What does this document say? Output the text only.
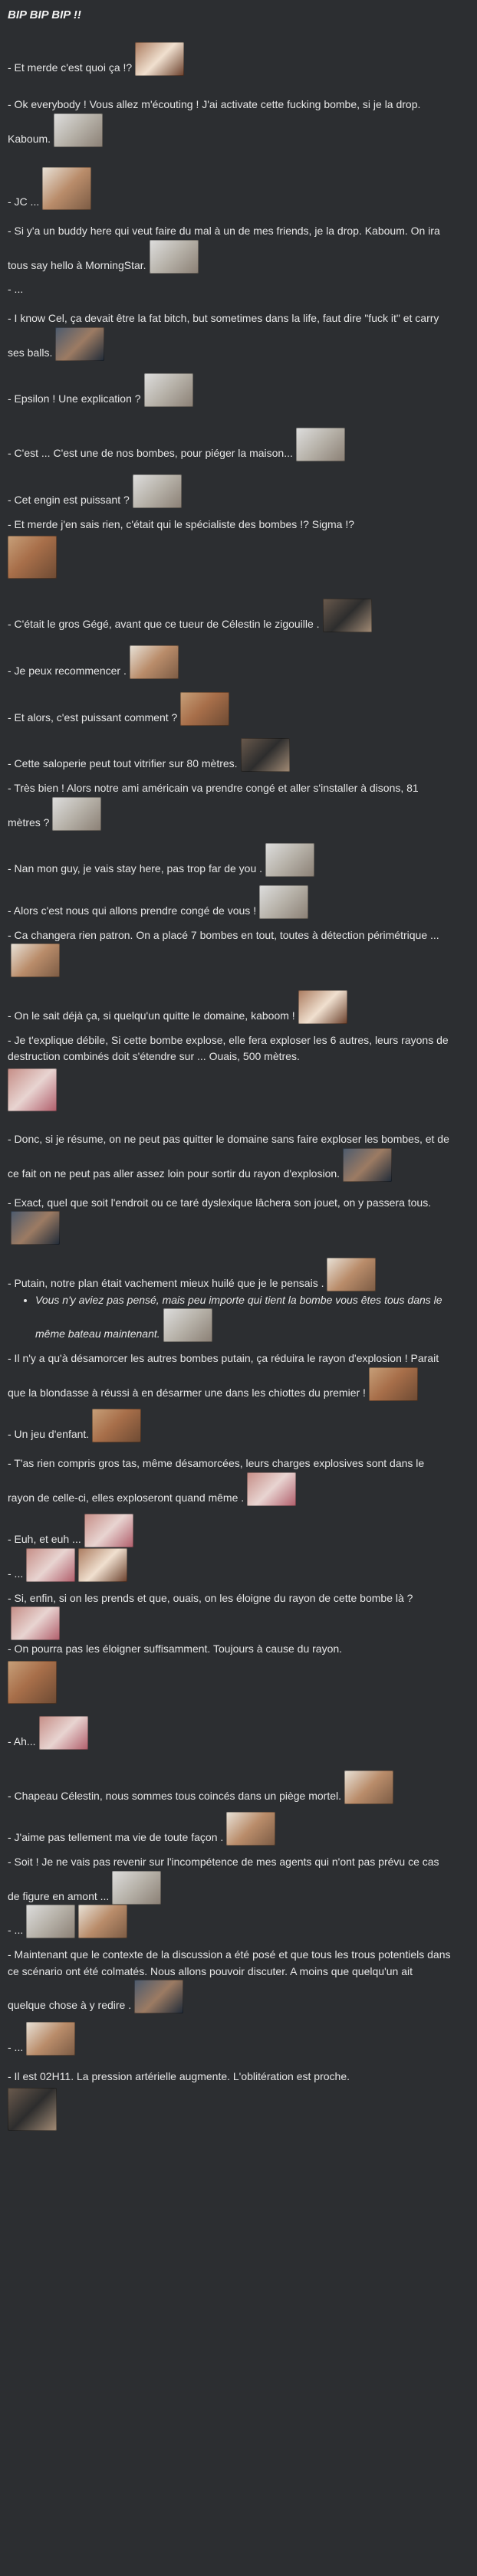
BIP BIP BIP !!

- Et merde c'est quoi ça !?

- Ok everybody ! Vous allez m'écouting ! J'ai activate cette fucking bombe, si je la drop. Kaboum.

- JC ...

- Si y'a un buddy here qui veut faire du mal à un de mes friends, je la drop. Kaboum. On ira tous say hello à MorningStar.

- ...

- I know Cel, ça devait être la fat bitch, but sometimes dans la life, faut dire "fuck it" et carry ses balls.

- Epsilon ! Une explication ?

- C'est ... C'est une de nos bombes, pour piéger la maison...

- Cet engin est puissant ?

- Et merde j'en sais rien, c'était qui le spécialiste des bombes !? Sigma !?

- C'était le gros Gégé, avant que ce tueur de Célestin le zigouille .

- Je peux recommencer .

- Et alors, c'est puissant comment ?

- Cette saloperie peut tout vitrifier sur 80 mètres.

- Très bien ! Alors notre ami américain va prendre congé et aller s'installer à disons, 81 mètres ?

- Nan mon guy, je vais stay here, pas trop far de you .

- Alors c'est nous qui allons prendre congé de vous !

- Ca changera rien patron. On a placé 7 bombes en tout, toutes à détection périmétrique ...

- On le sait déjà ça, si quelqu'un quitte le domaine, kaboom !

- Je t'explique débile, Si cette bombe explose, elle fera exploser les 6 autres, leurs rayons de destruction combinés doit s'étendre sur ... Ouais, 500 mètres.

- Donc, si je résume, on ne peut pas quitter le domaine sans faire exploser les bombes, et de ce fait on ne peut pas aller assez loin pour sortir du rayon d'explosion.

- Exact, quel que soit l'endroit ou ce taré dyslexique lâchera son jouet, on y passera tous.

- Putain, notre plan était vachement mieux huilé que je le pensais .

• Vous n'y aviez pas pensé, mais peu importe qui tient la bombe vous êtes tous dans le même bateau maintenant.

- Il n'y a qu'à désamorcer les autres bombes putain, ça réduira le rayon d'explosion ! Parait que la blondasse à réussi à en désarmer une dans les chiottes du premier !

- Un jeu d'enfant.

- T'as rien compris gros tas, même désamorcées, leurs charges explosives sont dans le rayon de celle-ci, elles exploseront quand même .

- Euh, et euh ...

- ...

- Si, enfin, si on les prends et que, ouais, on les éloigne du rayon de cette bombe là ?

- On pourra pas les éloigner suffisamment. Toujours à cause du rayon.

- Ah...

- Chapeau Célestin, nous sommes tous coincés dans un piège mortel.

- J'aime pas tellement ma vie de toute façon .

- Soit ! Je ne vais pas revenir sur l'incompétence de mes agents qui n'ont pas prévu ce cas de figure en amont ...

- ...

- Maintenant que le contexte de la discussion a été posé et que tous les trous potentiels dans ce scénario ont été colmatés. Nous allons pouvoir discuter. A moins que quelqu'un ait quelque chose à y redire .

- ...

- Il est 02H11. La pression artérielle augmente. L'oblitération est proche.
